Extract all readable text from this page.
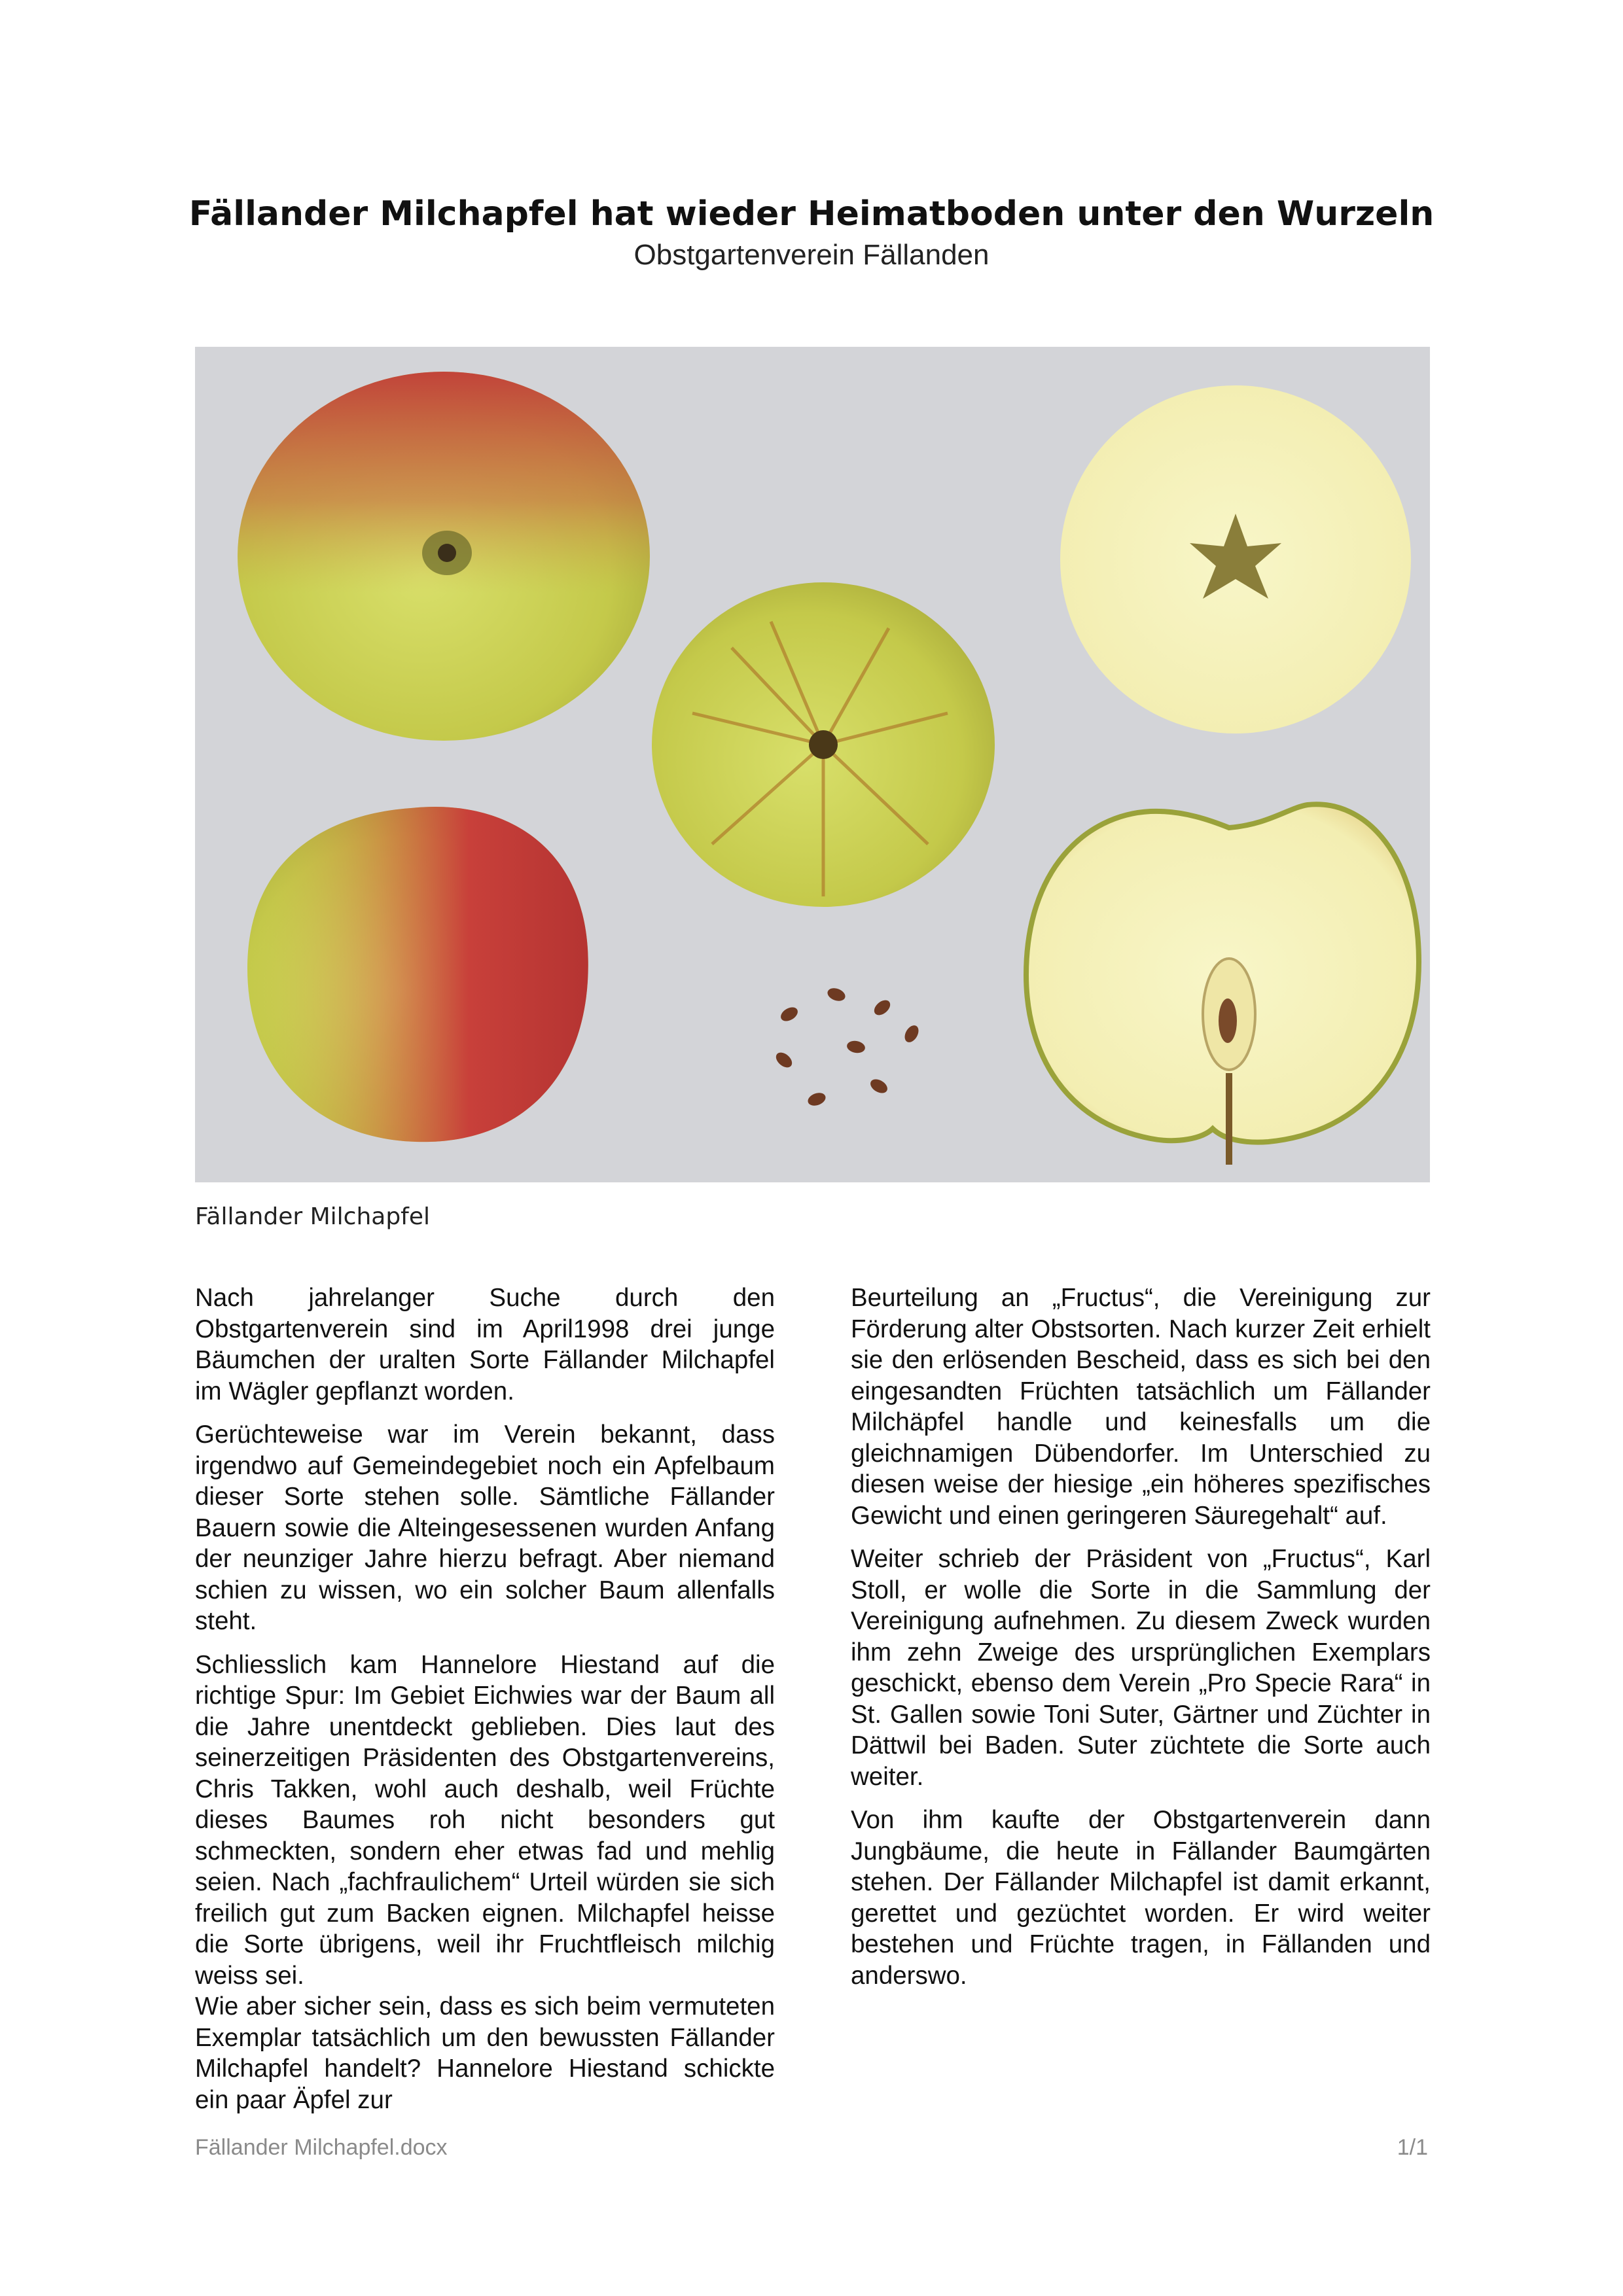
Fällander Milchapfel hat wieder Heimatboden unter den Wurzeln
Obstgartenverein Fällanden
Fällander Milchapfel

Nach jahrelanger Suche durch den Obstgartenverein sind im April1998 drei junge Bäumchen der uralten Sorte Fällander Milchapfel im Wägler gepflanzt worden.

Gerüchteweise war im Verein bekannt, dass irgendwo auf Gemeindegebiet noch ein Apfelbaum dieser Sorte stehen solle. Sämtliche Fällander Bauern sowie die Alteingesessenen wurden Anfang der neunziger Jahre hierzu befragt. Aber niemand schien zu wissen, wo ein solcher Baum allenfalls steht.

Schliesslich kam Hannelore Hiestand auf die richtige Spur: Im Gebiet Eichwies war der Baum all die Jahre unentdeckt geblieben. Dies laut des seinerzeitigen Präsidenten des Obstgartenvereins, Chris Takken, wohl auch deshalb, weil Früchte dieses Baumes roh nicht besonders gut schmeckten, sondern eher etwas fad und mehlig seien. Nach „fachfraulichem“ Urteil würden sie sich freilich gut zum Backen eignen. Milchapfel heisse die Sorte übrigens, weil ihr Fruchtfleisch milchig weiss sei.

Wie aber sicher sein, dass es sich beim vermuteten Exemplar tatsächlich um den bewussten Fällander Milchapfel handelt? Hannelore Hiestand schickte ein paar Äpfel zur

Beurteilung an „Fructus“, die Vereinigung zur Förderung alter Obstsorten. Nach kurzer Zeit erhielt sie den erlösenden Bescheid, dass es sich bei den eingesandten Früchten tatsächlich um Fällander Milchäpfel handle und keinesfalls um die gleichnamigen Dübendorfer. Im Unterschied zu diesen weise der hiesige „ein höheres spezifisches Gewicht und einen geringeren Säuregehalt“ auf.

Weiter schrieb der Präsident von „Fructus“, Karl Stoll, er wolle die Sorte in die Sammlung der Vereinigung aufnehmen. Zu diesem Zweck wurden ihm zehn Zweige des ursprünglichen Exemplars geschickt, ebenso dem Verein „Pro Specie Rara“ in St. Gallen sowie Toni Suter, Gärtner und Züchter in Dättwil bei Baden. Suter züchtete die Sorte auch weiter.

Von ihm kaufte der Obstgartenverein dann Jungbäume, die heute in Fällander Baumgärten stehen. Der Fällander Milchapfel ist damit erkannt, gerettet und gezüchtet worden. Er wird weiter bestehen und Früchte tragen, in Fällanden und anderswo.

Fällander Milchapfel.docx	1/1
